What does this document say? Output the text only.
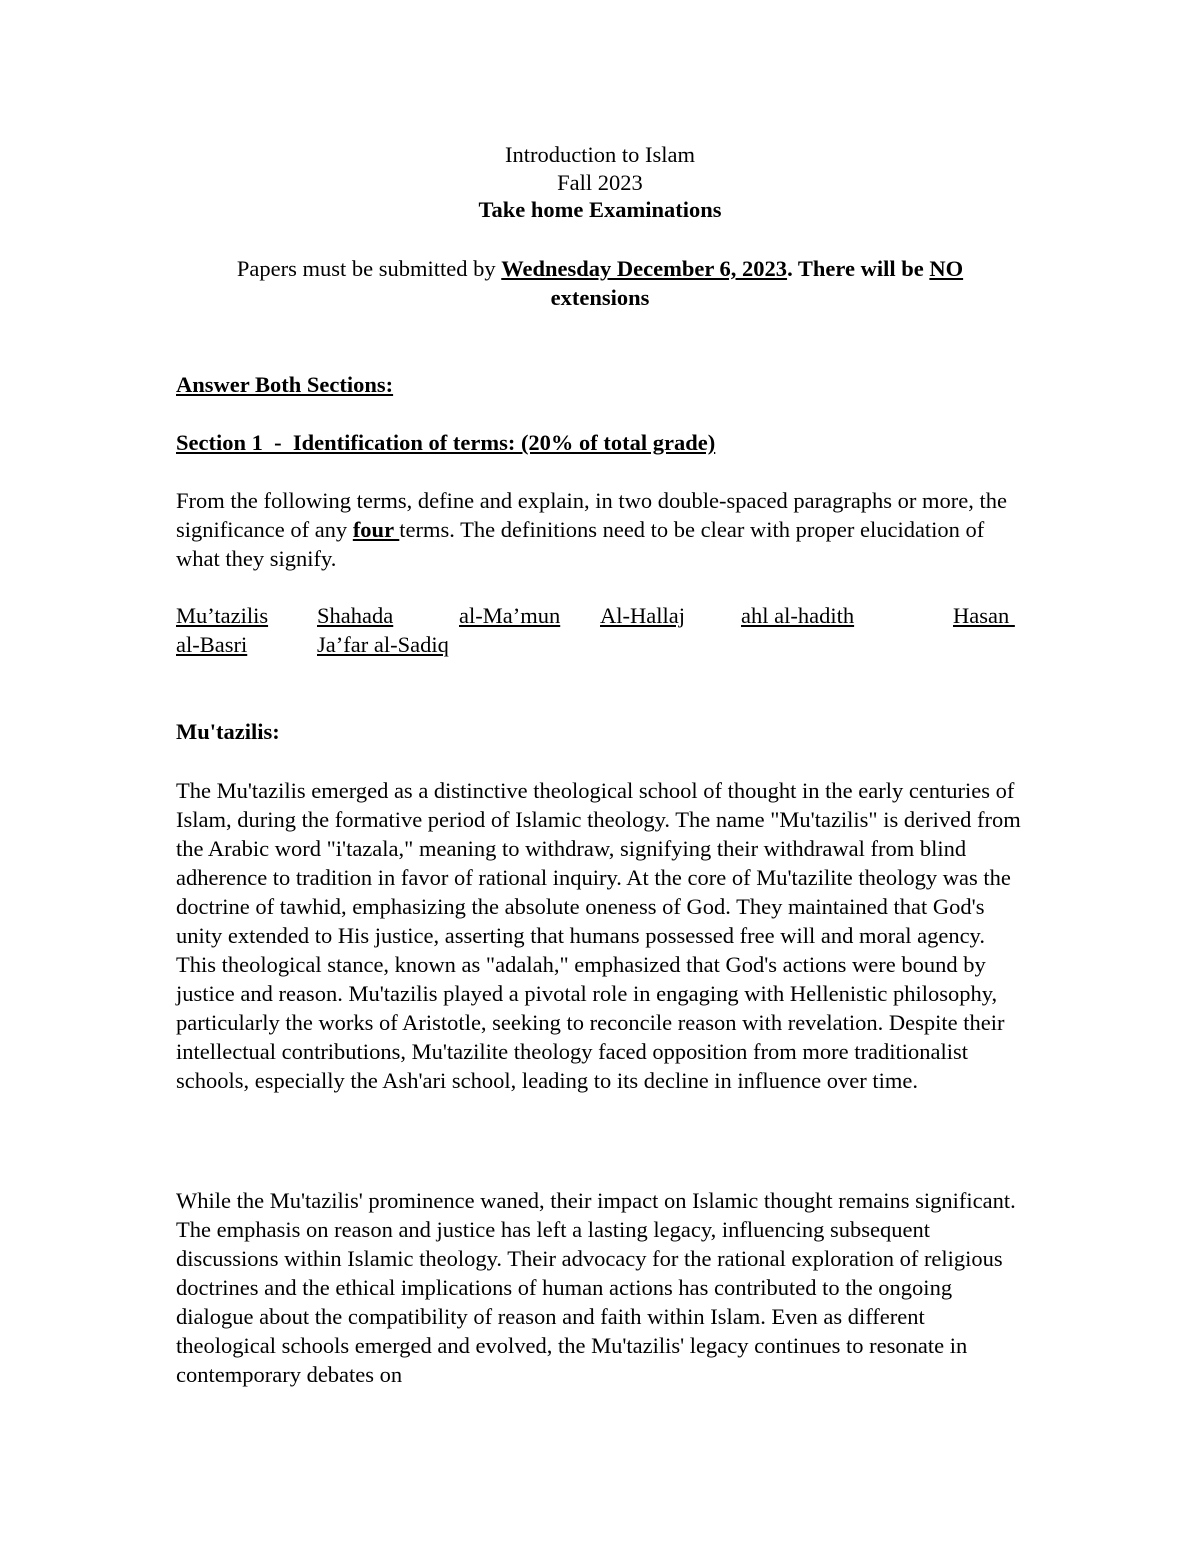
Introduction to Islam
Fall 2023
Take home Examinations
Papers must be submitted by Wednesday December 6, 2023. There will be NO
extensions
Answer Both Sections:
Section 1  -  Identification of terms: (20% of total grade)
From the following terms, define and explain, in two double-spaced paragraphs or more, the significance of any four terms. The definitions need to be clear with proper elucidation of what they signify.
Mu’tazilis Shahada	al-Ma’mun Al-Hallaj ahl al-hadith	Hasan
al-Basri	Ja’far al-Sadiq
Mu'tazilis:
The Mu'tazilis emerged as a distinctive theological school of thought in the early centuries of Islam, during the formative period of Islamic theology. The name "Mu'tazilis" is derived from the Arabic word "i'tazala," meaning to withdraw, signifying their withdrawal from blind adherence to tradition in favor of rational inquiry. At the core of Mu'tazilite theology was the doctrine of tawhid, emphasizing the absolute oneness of God. They maintained that God's unity extended to His justice, asserting that humans possessed free will and moral agency. This theological stance, known as "adalah," emphasized that God's actions were bound by justice and reason. Mu'tazilis played a pivotal role in engaging with Hellenistic philosophy, particularly the works of Aristotle, seeking to reconcile reason with revelation. Despite their intellectual contributions, Mu'tazilite theology faced opposition from more traditionalist schools, especially the Ash'ari school, leading to its decline in influence over time.
While the Mu'tazilis' prominence waned, their impact on Islamic thought remains significant. The emphasis on reason and justice has left a lasting legacy, influencing subsequent discussions within Islamic theology. Their advocacy for the rational exploration of religious doctrines and the ethical implications of human actions has contributed to the ongoing dialogue about the compatibility of reason and faith within Islam. Even as different theological schools emerged and evolved, the Mu'tazilis' legacy continues to resonate in contemporary debates on
